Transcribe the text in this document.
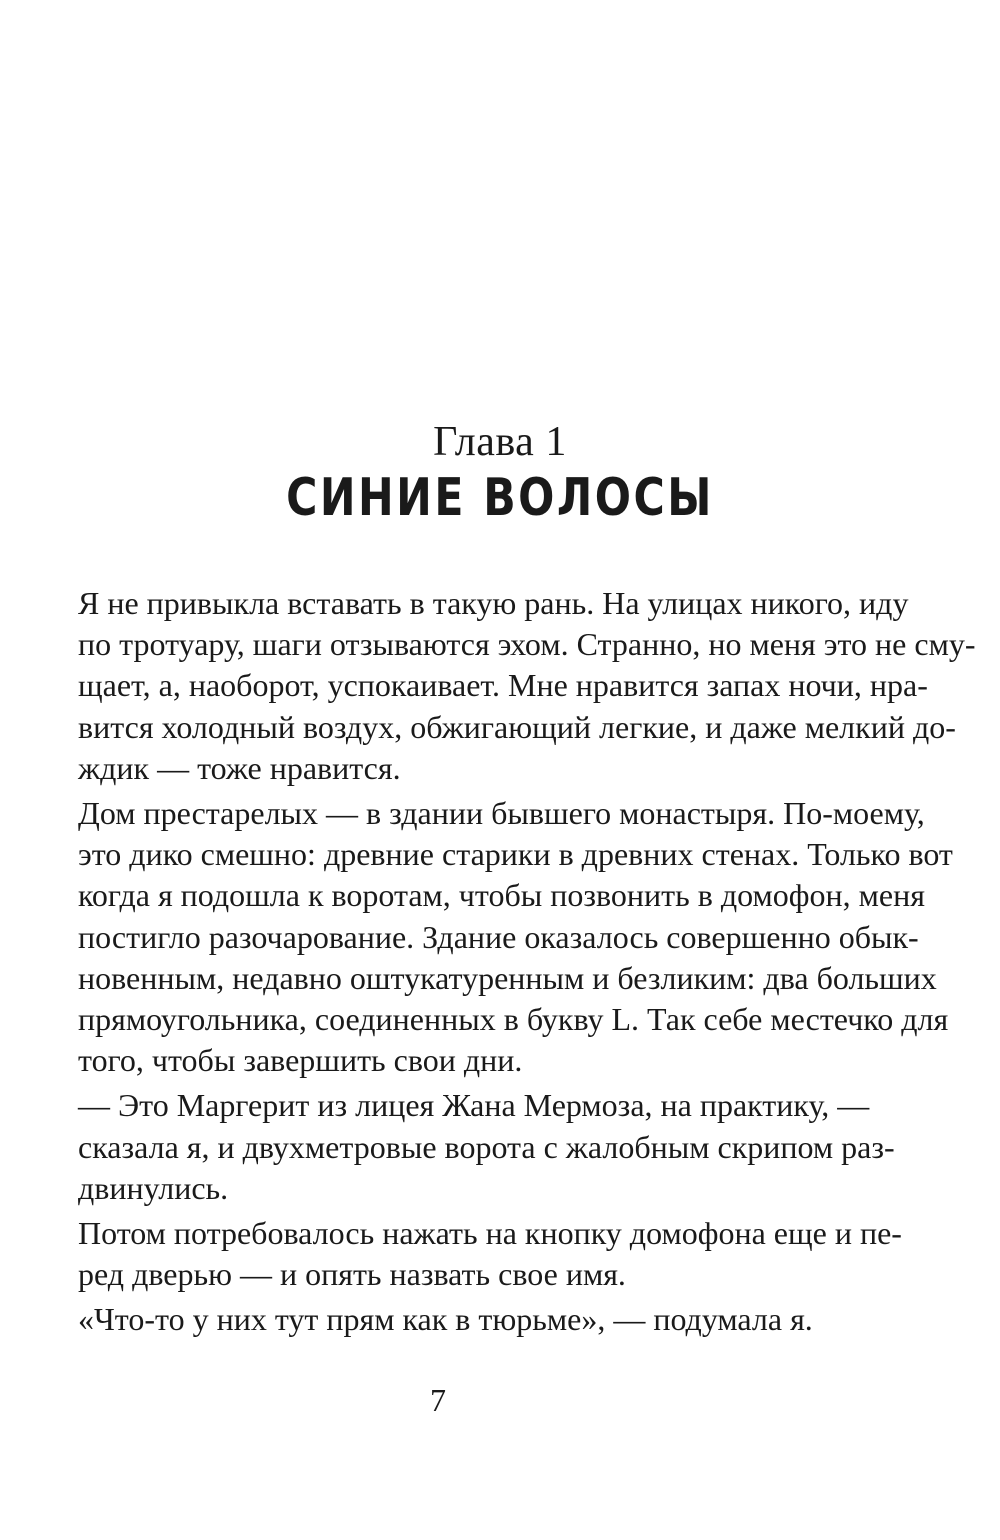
Глава 1
СИНИЕ ВОЛОСЫ

Я не привыкла вставать в такую рань. На улицах никого, иду
по тротуару, шаги отзываются эхом. Странно, но меня это не сму-
щает, а, наоборот, успокаивает. Мне нравится запах ночи, нра-
вится холодный воздух, обжигающий легкие, и даже мелкий до-
ждик — тоже нравится.

Дом престарелых — в здании бывшего монастыря. По-моему,
это дико смешно: древние старики в древних стенах. Только вот
когда я подошла к воротам, чтобы позвонить в домофон, меня
постигло разочарование. Здание оказалось совершенно обык-
новенным, недавно оштукатуренным и безликим: два больших
прямоугольника, соединенных в букву L. Так себе местечко для
того, чтобы завершить свои дни.

— Это Маргерит из лицея Жана Мермоза, на практику, —
сказала я, и двухметровые ворота с жалобным скрипом раз-
двинулись.

Потом потребовалось нажать на кнопку домофона еще и пе-
ред дверью — и опять назвать свое имя.

«Что-то у них тут прям как в тюрьме», — подумала я.

7
